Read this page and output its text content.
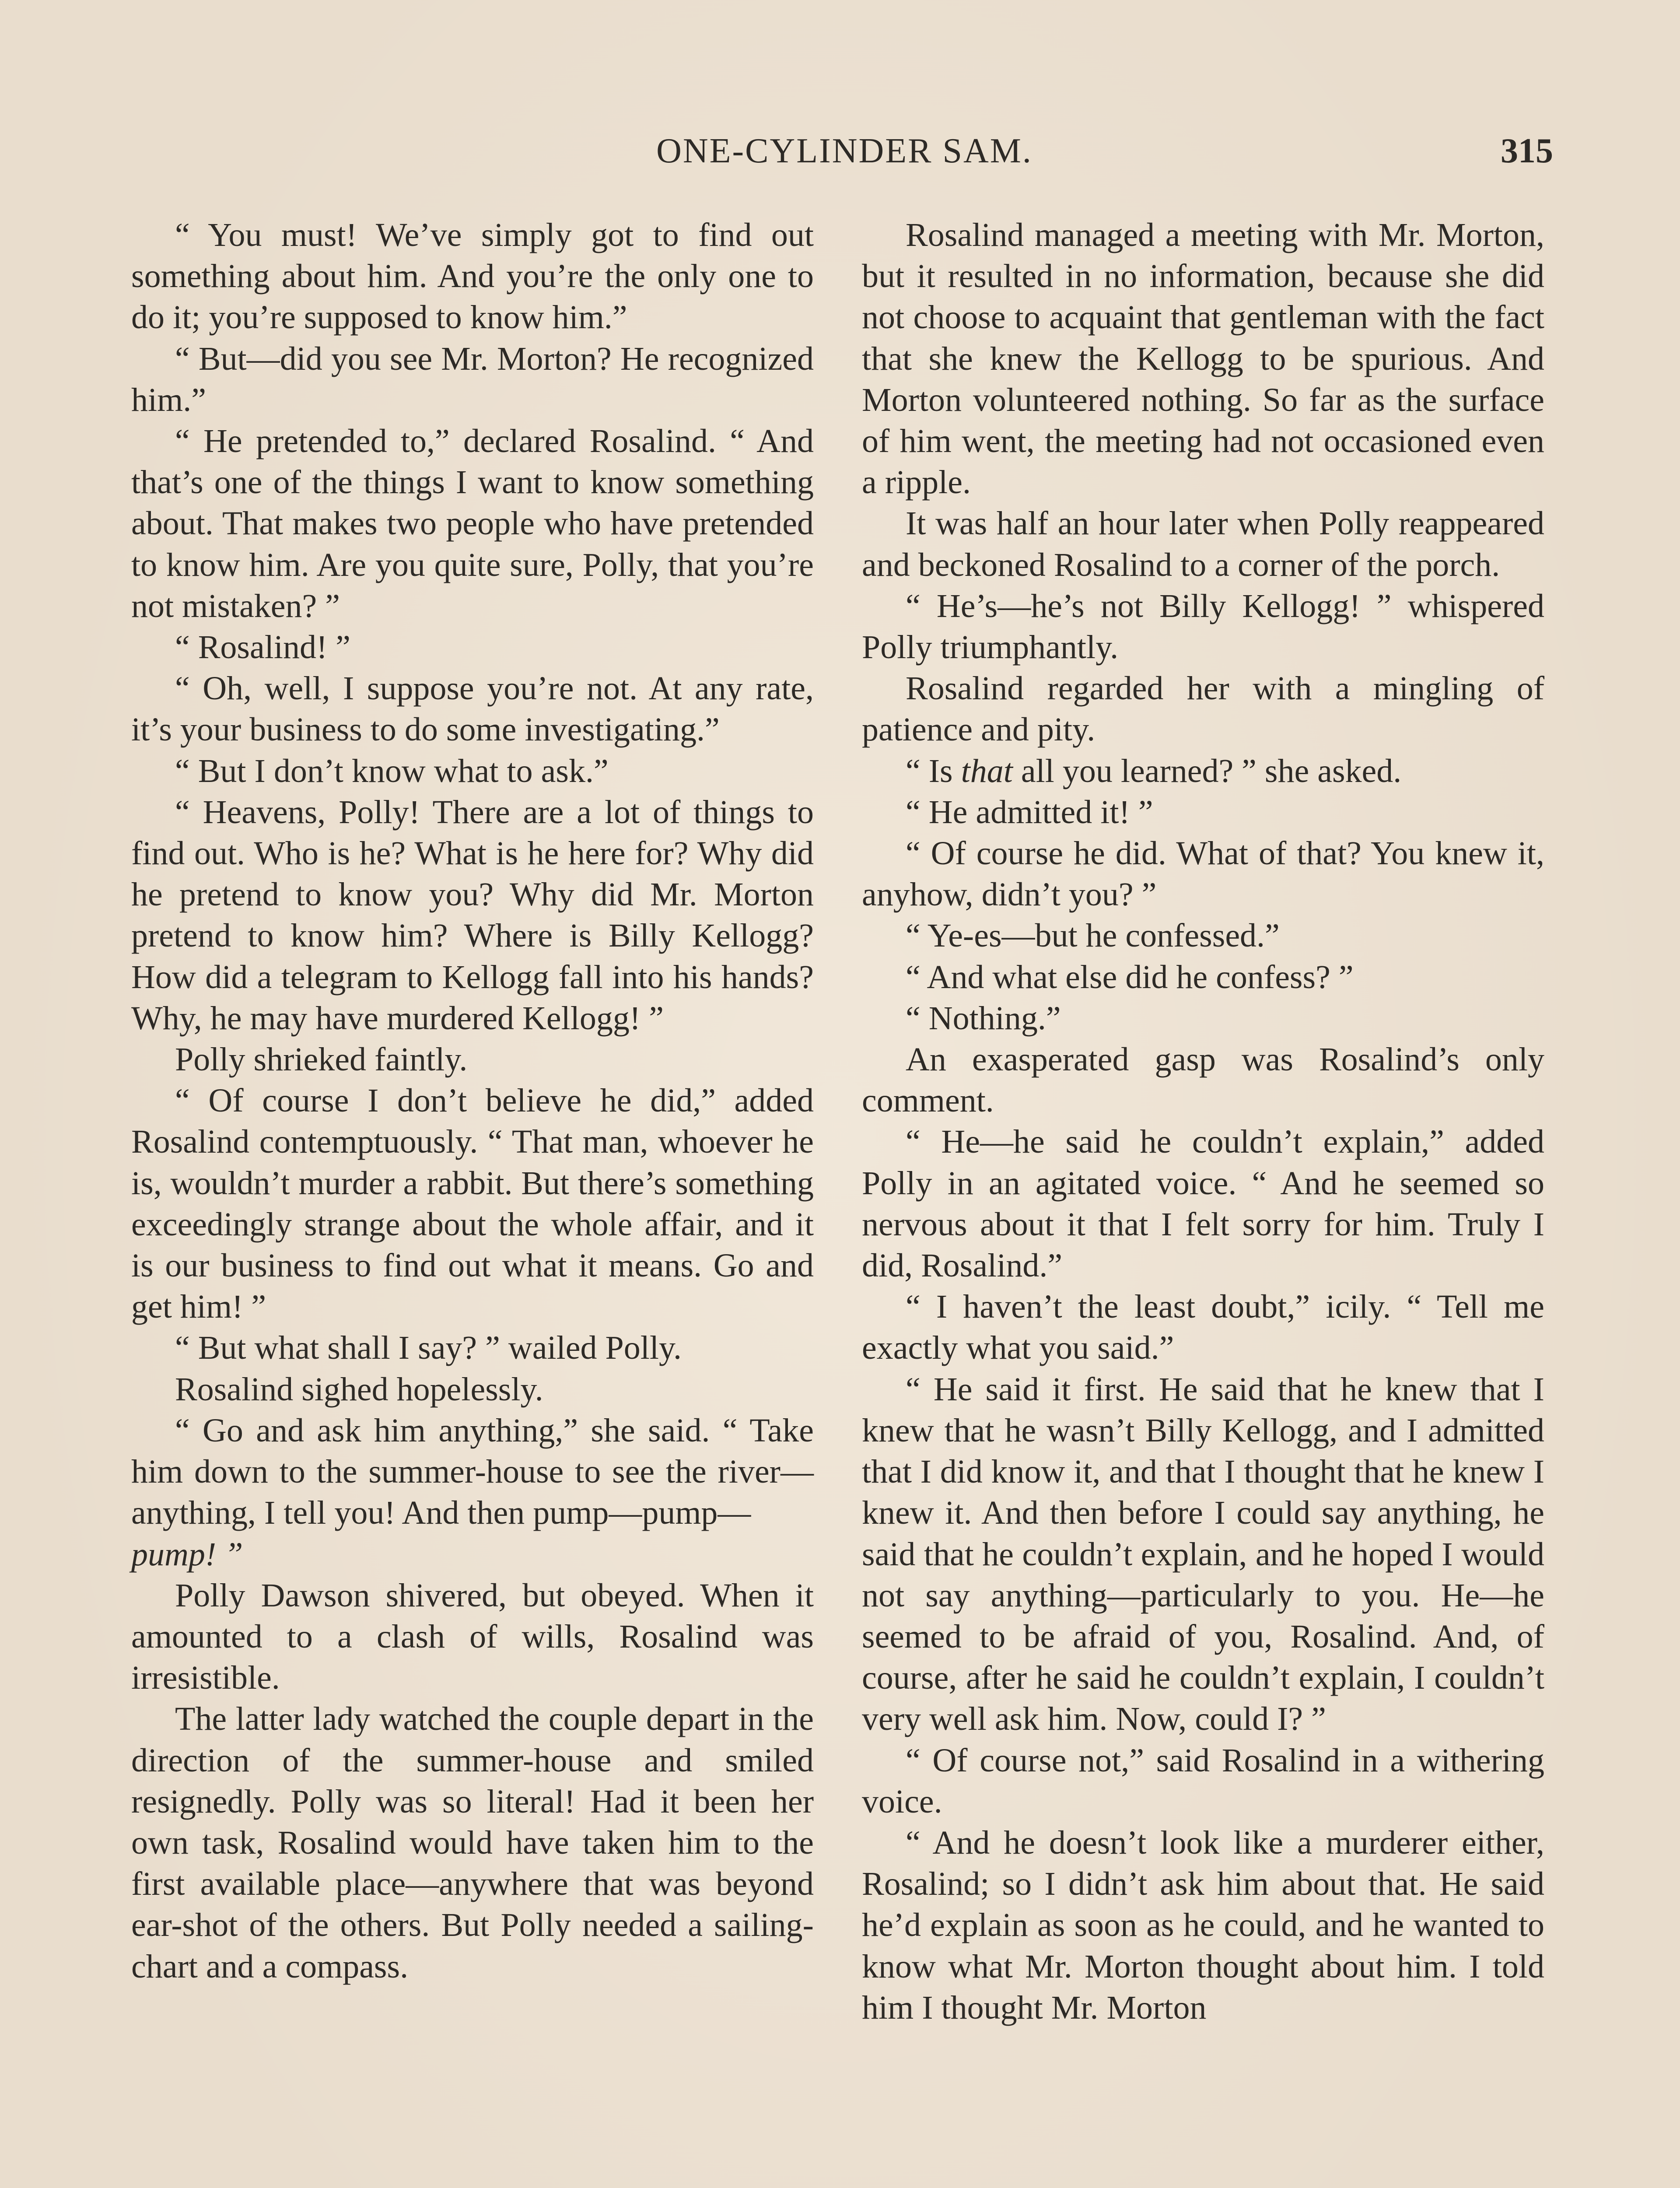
ONE-CYLINDER SAM.	315

“ You must! We’ve simply got to find out something about him. And you’re the only one to do it; you’re supposed to know him.”

“ But—did you see Mr. Morton? He recognized him.”

“ He pretended to,” declared Rosalind. “ And that’s one of the things I want to know something about. That makes two people who have pretended to know him. Are you quite sure, Polly, that you’re not mistaken? ”

“ Rosalind! ”

“ Oh, well, I suppose you’re not. At any rate, it’s your business to do some investigating.”

“ But I don’t know what to ask.”

“ Heavens, Polly! There are a lot of things to find out. Who is he? What is he here for? Why did he pretend to know you? Why did Mr. Morton pretend to know him? Where is Billy Kellogg? How did a telegram to Kellogg fall into his hands? Why, he may have murdered Kellogg! ”

Polly shrieked faintly.

“ Of course I don’t believe he did,” added Rosalind contemptuously. “ That man, whoever he is, wouldn’t murder a rabbit. But there’s something exceedingly strange about the whole affair, and it is our business to find out what it means. Go and get him! ”

“ But what shall I say? ” wailed Polly.

Rosalind sighed hopelessly.

“ Go and ask him anything,” she said. “ Take him down to the summer-house to see the river—anything, I tell you! And then pump—pump—
pump! ”

Polly Dawson shivered, but obeyed. When it amounted to a clash of wills, Rosalind was irresistible.

The latter lady watched the couple depart in the direction of the summer-house and smiled resignedly. Polly was so literal! Had it been her own task, Rosalind would have taken him to the first available place—anywhere that was beyond ear-shot of the others. But Polly needed a sailing-chart and a compass.

Rosalind managed a meeting with Mr. Morton, but it resulted in no information, because she did not choose to acquaint that gentleman with the fact that she knew the Kellogg to be spurious. And Morton volunteered nothing. So far as the surface of him went, the meeting had not occasioned even a ripple.

It was half an hour later when Polly reappeared and beckoned Rosalind to a corner of the porch.

“ He’s—he’s not Billy Kellogg! ” whispered Polly triumphantly.

Rosalind regarded her with a mingling of patience and pity.

“ Is that all you learned? ” she asked.

“ He admitted it! ”

“ Of course he did. What of that? You knew it, anyhow, didn’t you? ”

“ Ye-es—but he confessed.”

“ And what else did he confess? ”

“ Nothing.”

An exasperated gasp was Rosalind’s only comment.

“ He—he said he couldn’t explain,” added Polly in an agitated voice. “ And he seemed so nervous about it that I felt sorry for him. Truly I did, Rosalind.”

“ I haven’t the least doubt,” icily. “ Tell me exactly what you said.”

“ He said it first. He said that he knew that I knew that he wasn’t Billy Kellogg, and I admitted that I did know it, and that I thought that he knew I knew it. And then before I could say anything, he said that he couldn’t explain, and he hoped I would not say anything—particularly to you. He—he seemed to be afraid of you, Rosalind. And, of course, after he said he couldn’t explain, I couldn’t very well ask him. Now, could I? ”

“ Of course not,” said Rosalind in a withering voice.

“ And he doesn’t look like a murderer either, Rosalind; so I didn’t ask him about that. He said he’d explain as soon as he could, and he wanted to know what Mr. Morton thought about him. I told him I thought Mr. Morton
